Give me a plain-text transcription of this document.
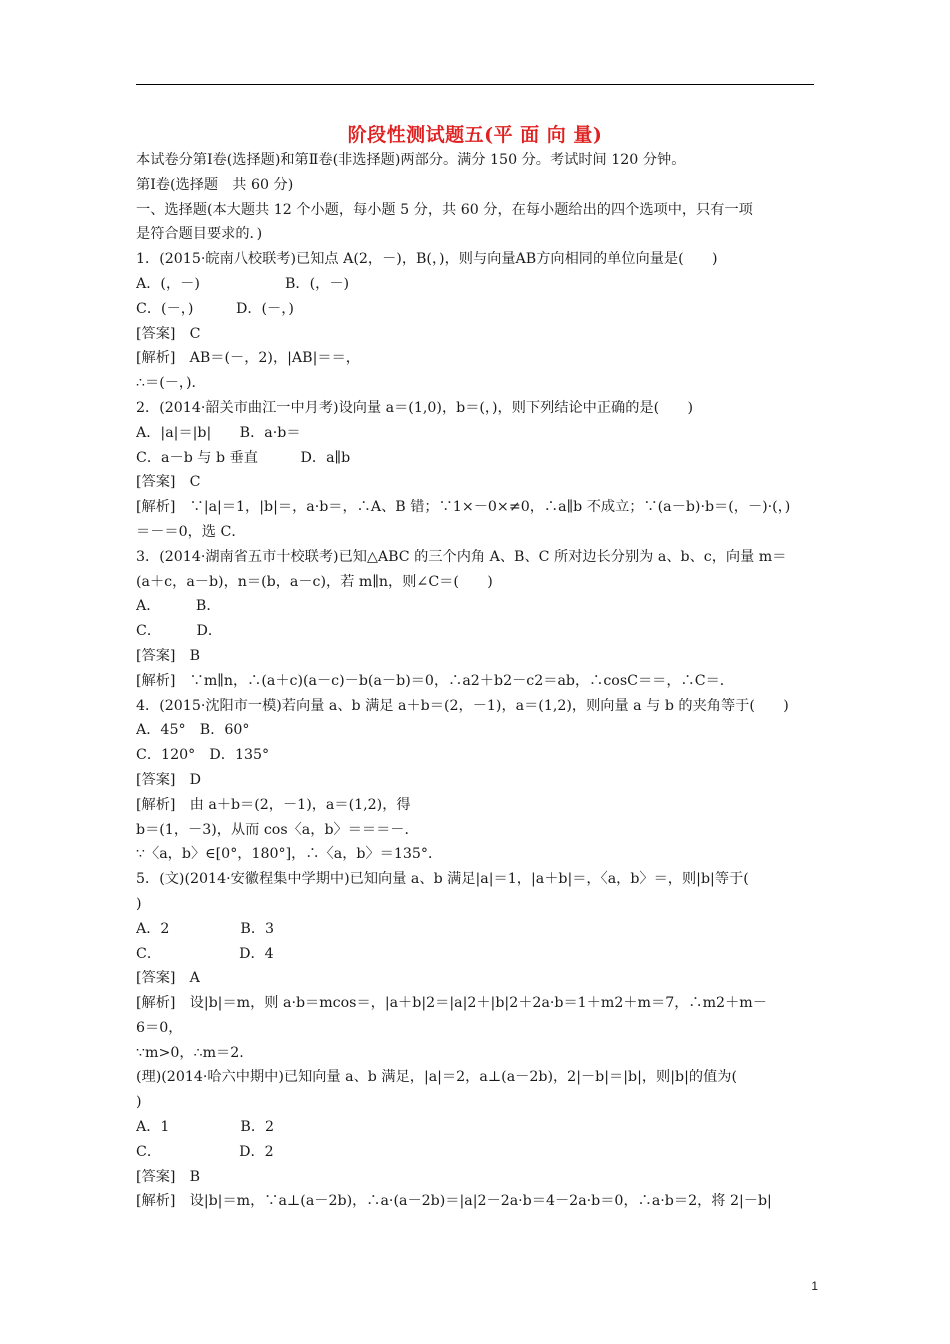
阶段性测试题五(平 面 向 量)
本试卷分第Ⅰ卷(选择题)和第Ⅱ卷(非选择题)两部分。满分 150 分。考试时间 120 分钟。
第Ⅰ卷(选择题　共 60 分)
一、选择题(本大题共 12 个小题，每小题 5 分，共 60 分，在每小题给出的四个选项中，只有一项
是符合题目要求的．)
1．(2015·皖南八校联考)已知点 A(2，－)，B(，)，则与向量AB方向相同的单位向量是(　　)
A．(，－)　　　　　　B．(，－)
C．(－，)　　　D．(－，)
[答案]　C
[解析]　AB＝(－，2)，|AB|＝＝，
∴＝(－，)．
2．(2014·韶关市曲江一中月考)设向量 a＝(1,0)，b＝(，)，则下列结论中正确的是(　　)
A．|a|＝|b|　　B．a·b＝
C．a－b 与 b 垂直　　　D．a∥b
[答案]　C
[解析]　∵|a|＝1，|b|＝，a·b＝，∴A、B 错；∵1×－0×≠0，∴a∥b 不成立；∵(a－b)·b＝(，－)·(，)
＝－＝0，选 C．
3．(2014·湖南省五市十校联考)已知△ABC 的三个内角 A、B、C 所对边长分别为 a、b、c，向量 m＝
(a＋c，a－b)，n＝(b，a－c)，若 m∥n，则∠C＝(　　)
A．　　　B．
C．　　　D．
[答案]　B
[解析]　∵m∥n，∴(a＋c)(a－c)－b(a－b)＝0，∴a2＋b2－c2＝ab，∴cosC＝＝，∴C＝．
4．(2015·沈阳市一模)若向量 a、b 满足 a＋b＝(2，－1)，a＝(1,2)，则向量 a 与 b 的夹角等于(　　)
A．45°　B．60°
C．120°　D．135°
[答案]　D
[解析]　由 a＋b＝(2，－1)，a＝(1,2)，得
b＝(1，－3)，从而 cos〈a，b〉＝＝＝－．
∵〈a，b〉∈[0°，180°]，∴〈a，b〉＝135°．
5．(文)(2014·安徽程集中学期中)已知向量 a、b 满足|a|＝1，|a＋b|＝，〈a，b〉＝，则|b|等于(
)
A．2　　　　　B．3
C．　　　　　　D．4
[答案]　A
[解析]　设|b|＝m，则 a·b＝mcos＝，|a＋b|2＝|a|2＋|b|2＋2a·b＝1＋m2＋m＝7，∴m2＋m－
6＝0，
∵m>0，∴m＝2.
(理)(2014·哈六中期中)已知向量 a、b 满足，|a|＝2，a⊥(a－2b)，2|－b|＝|b|，则|b|的值为(
)
A．1　　　　　B．2
C．　　　　　　D．2
[答案]　B
[解析]　设|b|＝m，∵a⊥(a－2b)，∴a·(a－2b)＝|a|2－2a·b＝4－2a·b＝0，∴a·b＝2，将 2|－b|
1
